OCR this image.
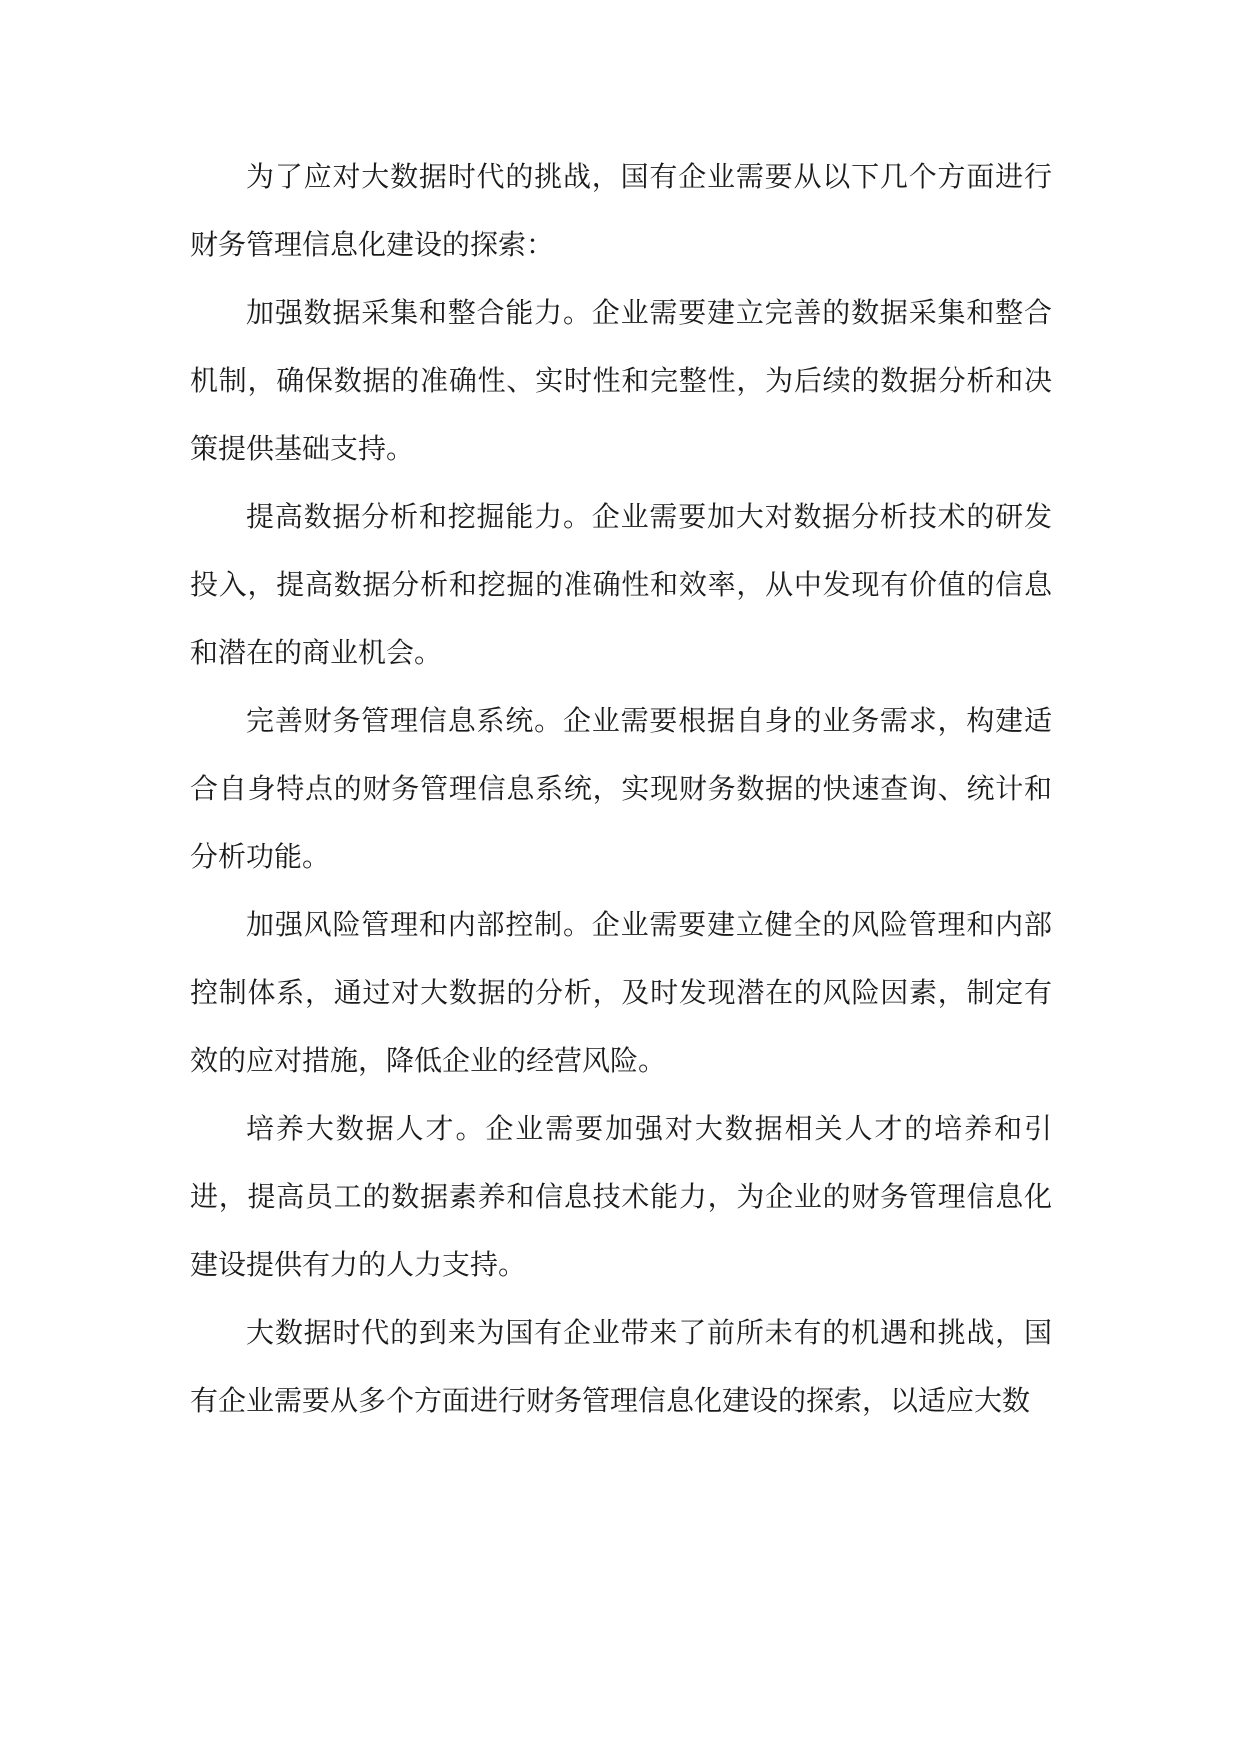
为了应对大数据时代的挑战，国有企业需要从以下几个方面进行财务管理信息化建设的探索：

加强数据采集和整合能力。企业需要建立完善的数据采集和整合机制，确保数据的准确性、实时性和完整性，为后续的数据分析和决策提供基础支持。

提高数据分析和挖掘能力。企业需要加大对数据分析技术的研发投入，提高数据分析和挖掘的准确性和效率，从中发现有价值的信息和潜在的商业机会。

完善财务管理信息系统。企业需要根据自身的业务需求，构建适合自身特点的财务管理信息系统，实现财务数据的快速查询、统计和分析功能。

加强风险管理和内部控制。企业需要建立健全的风险管理和内部控制体系，通过对大数据的分析，及时发现潜在的风险因素，制定有效的应对措施，降低企业的经营风险。

培养大数据人才。企业需要加强对大数据相关人才的培养和引进，提高员工的数据素养和信息技术能力，为企业的财务管理信息化建设提供有力的人力支持。

大数据时代的到来为国有企业带来了前所未有的机遇和挑战，国有企业需要从多个方面进行财务管理信息化建设的探索，以适应大数
